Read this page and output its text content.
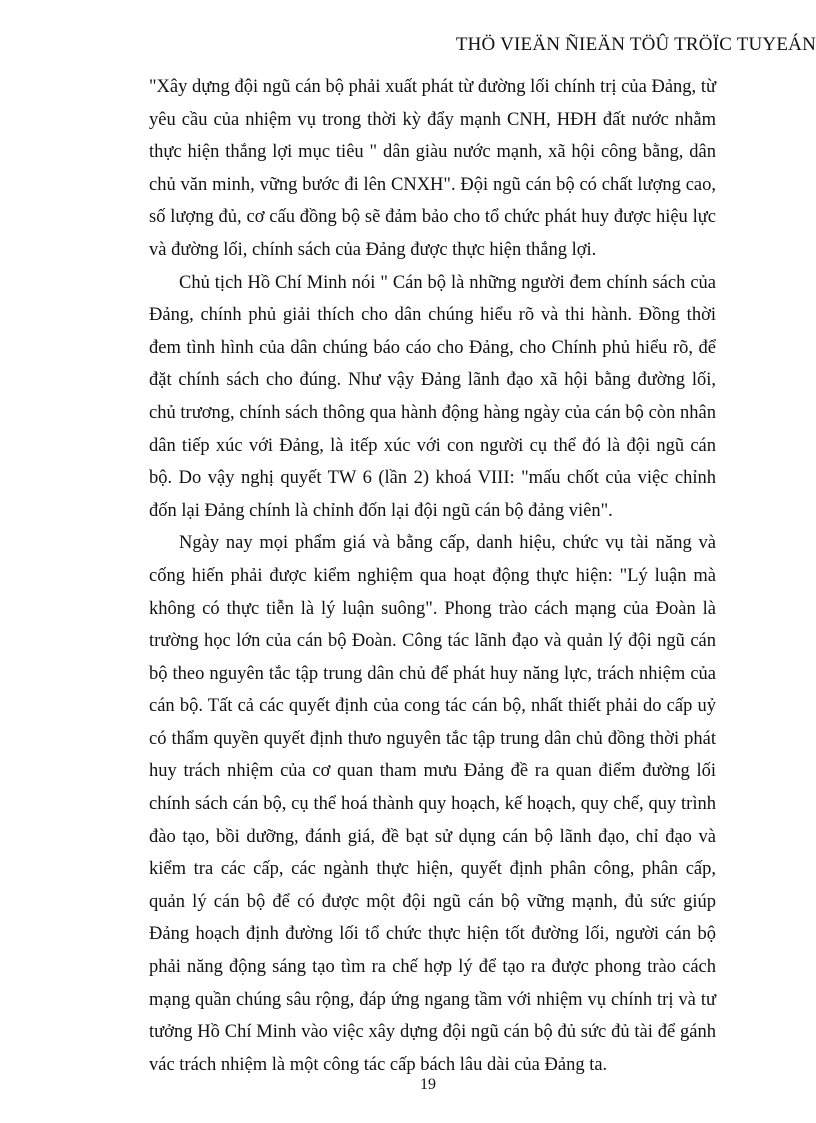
THÖ VIEÄN ÑIEÄN TÖÛ TRÖÏC TUYEÁN

"Xây dựng đội ngũ cán bộ phải xuất phát từ đường lối chính trị của Đảng, từ yêu cầu của nhiệm vụ trong thời kỳ đẩy mạnh CNH, HĐH đất nước nhằm thực hiện thắng lợi mục tiêu " dân giàu nước mạnh, xã hội công bằng, dân chủ văn minh, vững bước đi lên CNXH". Đội ngũ cán bộ có chất lượng cao, số lượng đủ, cơ cấu đồng bộ sẽ đảm bảo cho tổ chức phát huy được hiệu lực và đường lối, chính sách của Đảng được thực hiện thắng lợi.

Chủ tịch Hồ Chí Minh nói " Cán bộ là những người đem chính sách của Đảng, chính phủ giải thích cho dân chúng hiểu rõ và thi hành. Đồng thời đem tình hình của dân chúng báo cáo cho Đảng, cho Chính phủ hiểu rõ, để đặt chính sách cho đúng. Như vậy Đảng lãnh đạo xã hội bằng đường lối, chủ trương, chính sách thông qua hành động hàng ngày của cán bộ còn nhân dân tiếp xúc với Đảng, là itếp xúc với con người cụ thể đó là đội ngũ cán bộ. Do vậy nghị quyết TW 6 (lần 2) khoá VIII: "mấu chốt của việc chỉnh đốn lại Đảng chính là chỉnh đốn lại đội ngũ cán bộ đảng viên".

Ngày nay mọi phẩm giá và bằng cấp, danh hiệu, chức vụ tài năng và cống hiến phải được kiểm nghiệm qua hoạt động thực hiện: "Lý luận mà không có thực tiễn là lý luận suông". Phong trào cách mạng của Đoàn là trường học lớn của cán bộ Đoàn. Công tác lãnh đạo và quản lý đội ngũ cán bộ theo nguyên tắc tập trung dân chủ để phát huy năng lực, trách nhiệm của cán bộ. Tất cả các quyết định của cong tác cán bộ, nhất thiết phải do cấp uỷ có thẩm quyền quyết định thưo nguyên tắc tập trung dân chủ đồng thời phát huy trách nhiệm của cơ quan tham mưu Đảng đề ra quan điểm đường lối chính sách cán bộ, cụ thể hoá thành quy hoạch, kế hoạch, quy chế, quy trình đào tạo, bồi dưỡng, đánh giá, đề bạt sử dụng cán bộ lãnh đạo, chỉ đạo và kiểm tra các cấp, các ngành thực hiện, quyết định phân công, phân cấp, quản lý cán bộ để có được một đội ngũ cán bộ vững mạnh, đủ sức giúp Đảng hoạch định đường lối tổ chức thực hiện tốt đường lối, người cán bộ phải năng động sáng tạo tìm ra chế hợp lý để tạo ra được phong trào cách mạng quần chúng sâu rộng, đáp ứng ngang tầm với nhiệm vụ chính trị và tư tưởng Hồ Chí Minh vào việc xây dựng đội ngũ cán bộ đủ sức đủ tài để gánh vác trách nhiệm là một công tác cấp bách lâu dài của Đảng ta.

19
